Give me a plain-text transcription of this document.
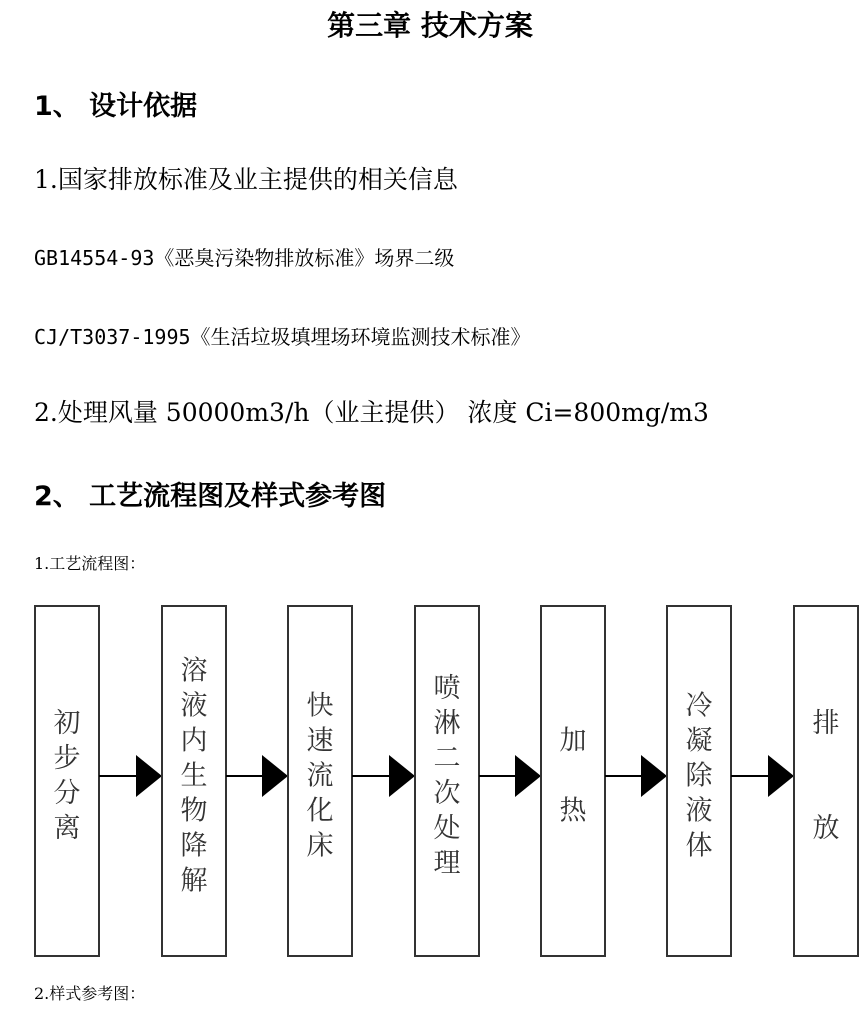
第三章 技术方案
1、 设计依据
1.国家排放标准及业主提供的相关信息
GB14554-93《恶臭污染物排放标准》场界二级
CJ/T3037-1995《生活垃圾填埋场环境监测技术标准》
2.处理风量 50000m3/h（业主提供） 浓度 Ci=800mg/m3
2、 工艺流程图及样式参考图
1.工艺流程图：
初
步
分
离
溶
液
内
生
物
降
解
快
速
流
化
床
喷
淋
二
次
处
理
加
热
冷
凝
除
液
体
排
放
2.样式参考图：
